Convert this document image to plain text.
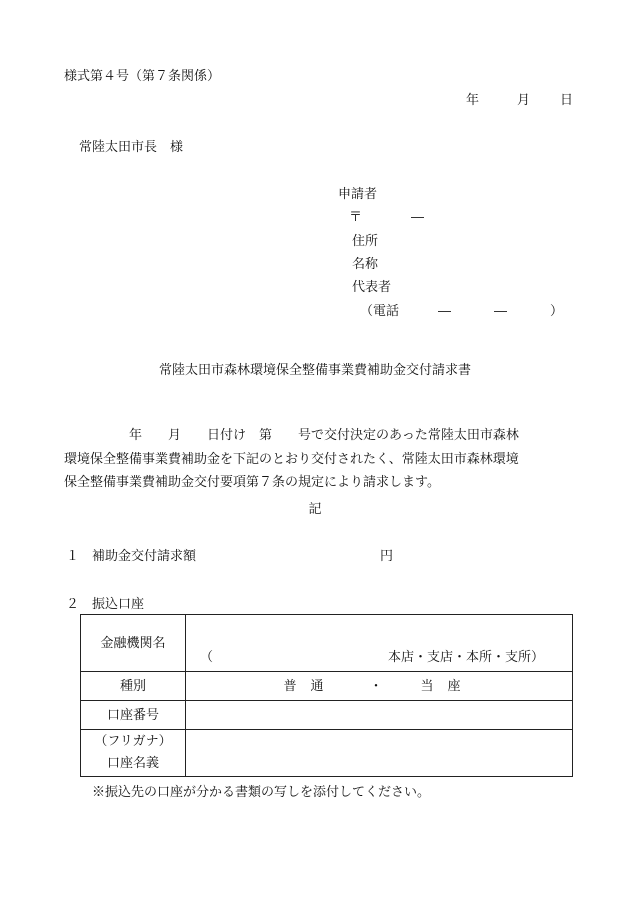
様式第４号（第７条関係）
年	月 日
常陸太田市長　様
申請者
〒	―
住所
名称
代表者
（電話	―	―	）
常陸太田市森林環境保全整備事業費補助金交付請求書
　　　　　年　　月　　日付け　第　　号で交付決定のあった常陸太田市森林
環境保全整備事業費補助金を下記のとおり交付されたく、常陸太田市森林環境
保全整備事業費補助金交付要項第７条の規定により請求します。
記
１ 補助金交付請求額	円
２ 振込口座
金融機関名	（ 本店・支店・本所・支所）

種別	普通 ・ 当座
口座番号	

（フリガナ）
口座名義	

※振込先の口座が分かる書類の写しを添付してください。
